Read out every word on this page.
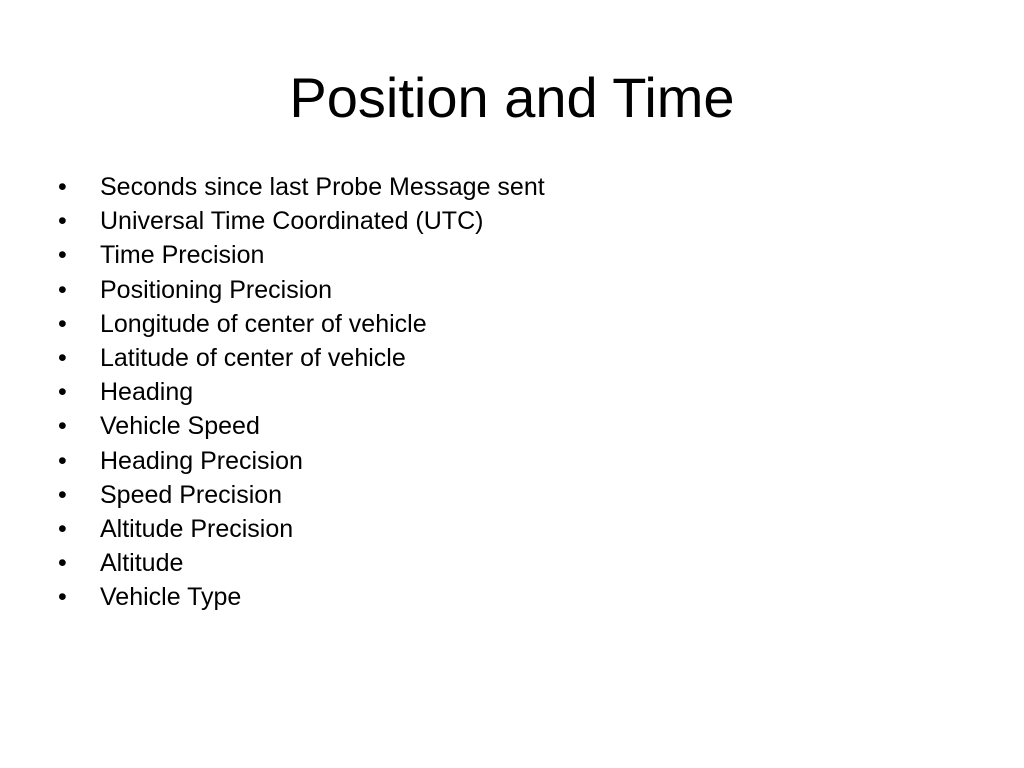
Position and Time
•	Seconds since last Probe Message sent
•	Universal Time Coordinated (UTC)
•	Time Precision
•	Positioning Precision
•	Longitude of center of vehicle
•	Latitude of center of vehicle
•	Heading
•	Vehicle Speed
•	Heading Precision
•	Speed Precision
•	Altitude Precision
•	Altitude
•	Vehicle Type
